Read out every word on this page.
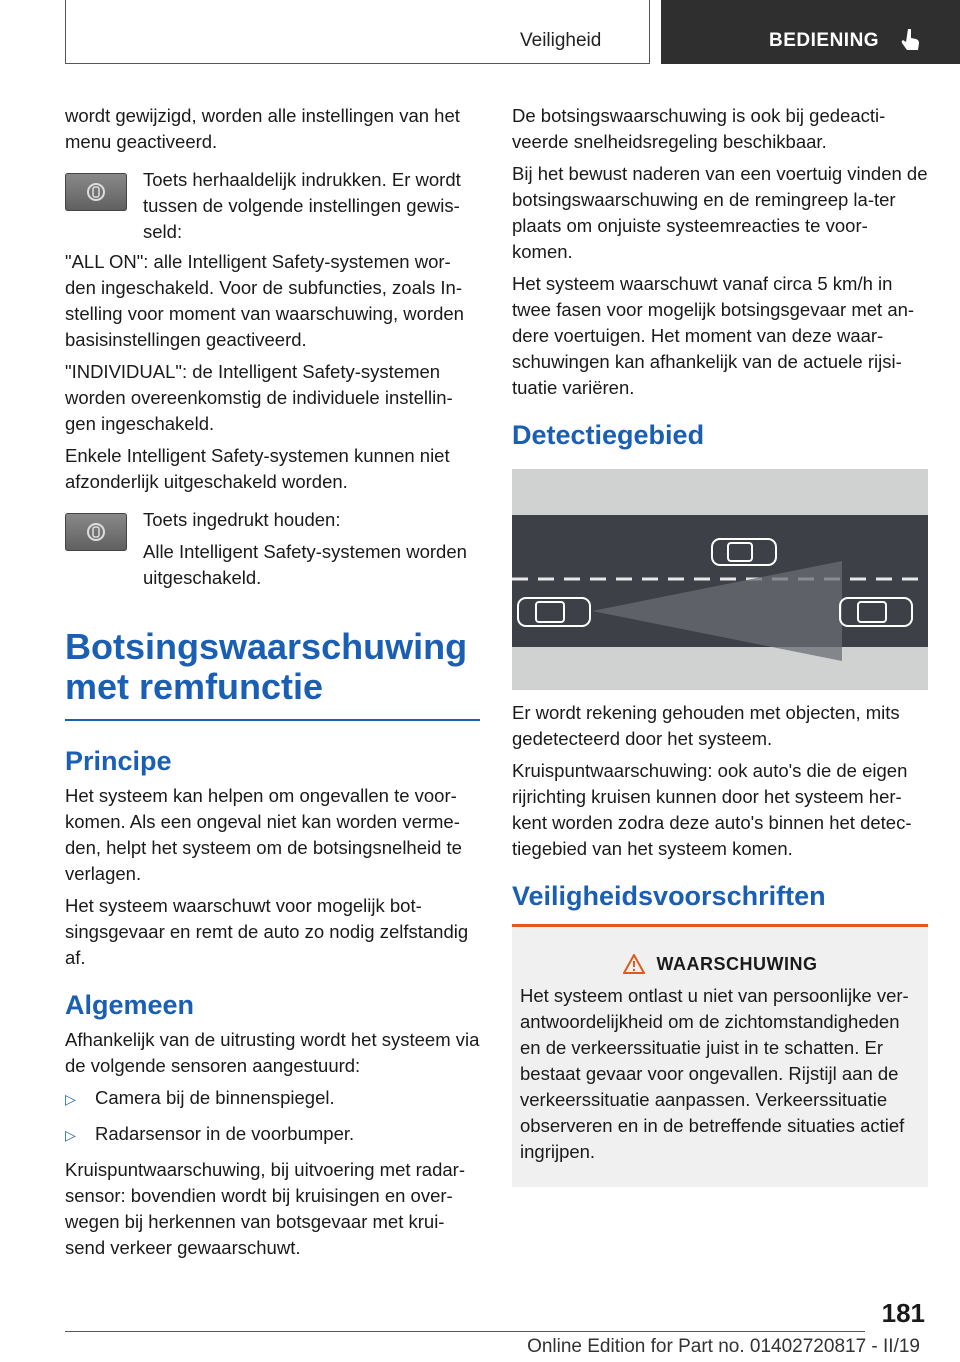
Veiligheid	BEDIENING

wordt gewijzigd, worden alle instellingen van het menu geactiveerd.

Toets herhaaldelijk indrukken. Er wordt tussen de volgende instellingen gewis-seld:

"ALL ON": alle Intelligent Safety-systemen wor-den ingeschakeld. Voor de subfuncties, zoals In-stelling voor moment van waarschuwing, worden basisinstellingen geactiveerd.

"INDIVIDUAL": de Intelligent Safety-systemen worden overeenkomstig de individuele instellin-gen ingeschakeld.

Enkele Intelligent Safety-systemen kunnen niet afzonderlijk uitgeschakeld worden.

Toets ingedrukt houden:
Alle Intelligent Safety-systemen worden uitgeschakeld.
Botsingswaarschuwing met remfunctie
Principe

Het systeem kan helpen om ongevallen te voor-komen. Als een ongeval niet kan worden verme-den, helpt het systeem om de botsingsnelheid te verlagen.

Het systeem waarschuwt voor mogelijk bot-singsgevaar en remt de auto zo nodig zelfstandig af.

Algemeen

Afhankelijk van de uitrusting wordt het systeem via de volgende sensoren aangestuurd:

▷ Camera bij de binnenspiegel.
▷ Radarsensor in de voorbumper.

Kruispuntwaarschuwing, bij uitvoering met radar-sensor: bovendien wordt bij kruisingen en over-wegen bij herkennen van botsgevaar met krui-send verkeer gewaarschuwt.

De botsingswaarschuwing is ook bij gedeacti-veerde snelheidsregeling beschikbaar.

Bij het bewust naderen van een voertuig vinden de botsingswaarschuwing en de remingreep la-ter plaats om onjuiste systeemreacties te voor-komen.

Het systeem waarschuwt vanaf circa 5 km/h in twee fasen voor mogelijk botsingsgevaar met an-dere voertuigen. Het moment van deze waar-schuwingen kan afhankelijk van de actuele rijsi-tuatie variëren.

Detectiegebied

Er wordt rekening gehouden met objecten, mits gedetecteerd door het systeem.

Kruispuntwaarschuwing: ook auto's die de eigen rijrichting kruisen kunnen door het systeem her-kent worden zodra deze auto's binnen het detec-tiegebied van het systeem komen.

Veiligheidsvoorschriften
WAARSCHUWING
Het systeem ontlast u niet van persoonlijke ver-antwoordelijkheid om de zichtomstandigheden en de verkeerssituatie juist in te schatten. Er bestaat gevaar voor ongevallen. Rijstijl aan de verkeerssituatie aanpassen. Verkeerssituatie observeren en in de betreffende situaties actief ingrijpen.
181
Online Edition for Part no. 01402720817 - II/19
